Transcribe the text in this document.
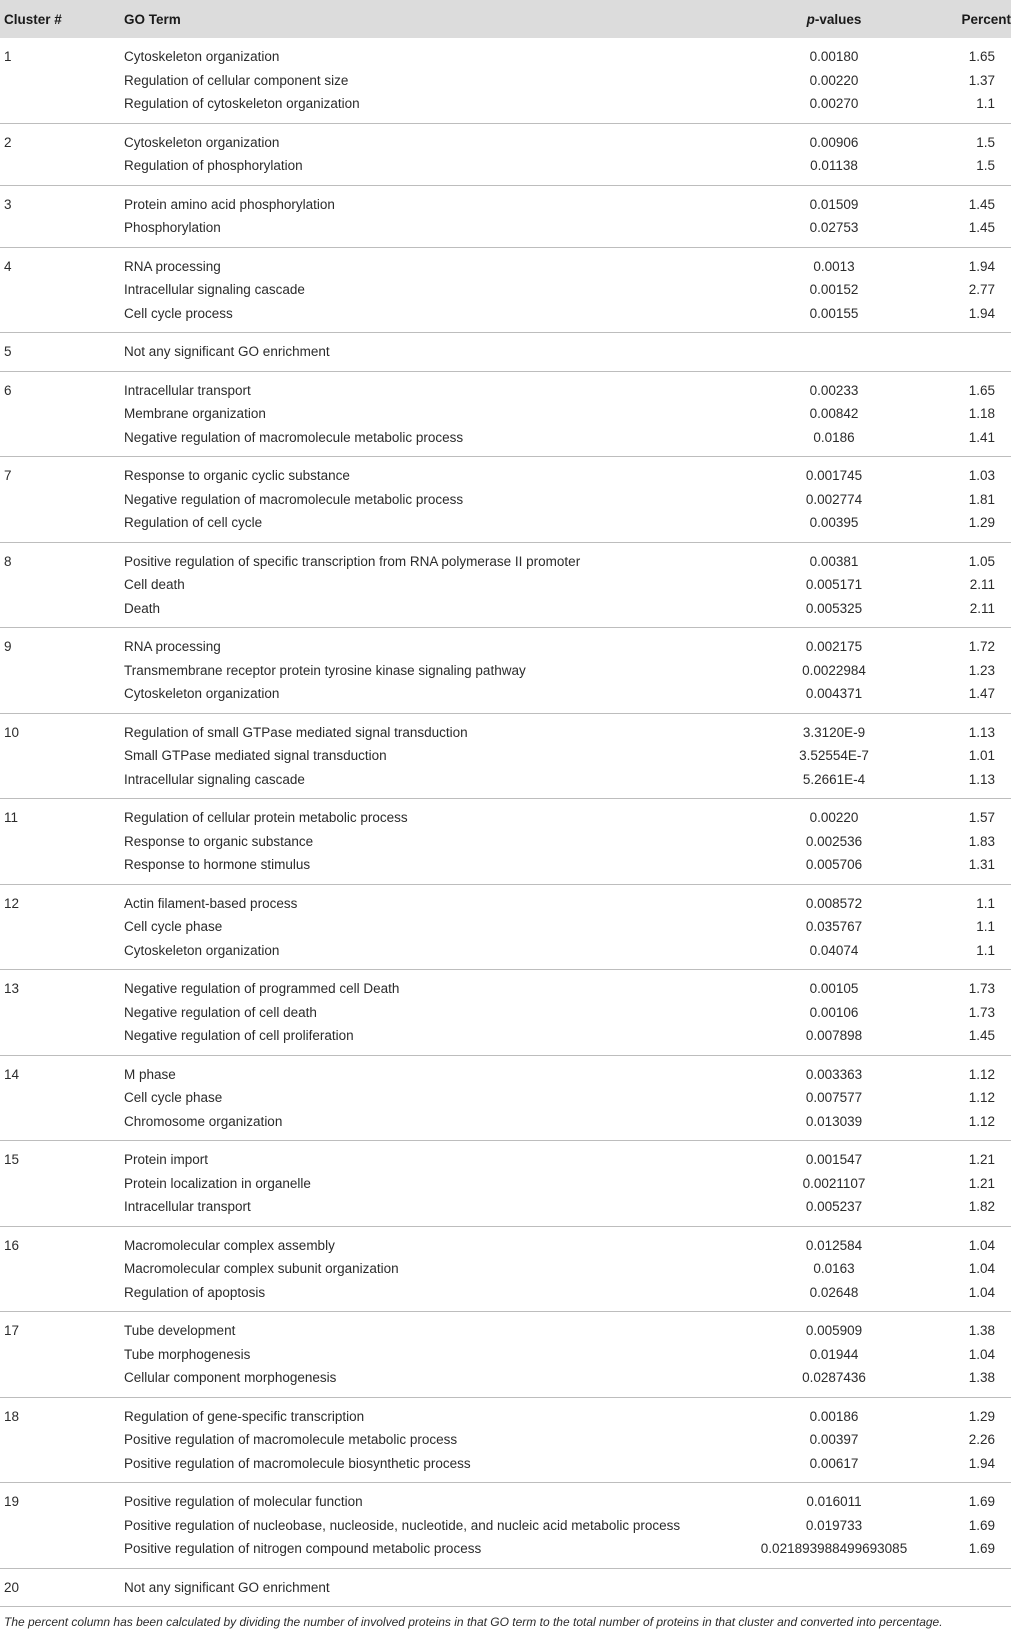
Cluster #	GO Term	p-values	Percent
1	Cytoskeleton organization	0.00180	1.65
	Regulation of cellular component size	0.00220	1.37
	Regulation of cytoskeleton organization	0.00270	1.1
2	Cytoskeleton organization	0.00906	1.5
	Regulation of phosphorylation	0.01138	1.5
3	Protein amino acid phosphorylation	0.01509	1.45
	Phosphorylation	0.02753	1.45
4	RNA processing	0.0013	1.94
	Intracellular signaling cascade	0.00152	2.77
	Cell cycle process	0.00155	1.94
5	Not any significant GO enrichment		
6	Intracellular transport	0.00233	1.65
	Membrane organization	0.00842	1.18
	Negative regulation of macromolecule metabolic process	0.0186	1.41
7	Response to organic cyclic substance	0.001745	1.03
	Negative regulation of macromolecule metabolic process	0.002774	1.81
	Regulation of cell cycle	0.00395	1.29
8	Positive regulation of specific transcription from RNA polymerase II promoter	0.00381	1.05
	Cell death	0.005171	2.11
	Death	0.005325	2.11
9	RNA processing	0.002175	1.72
	Transmembrane receptor protein tyrosine kinase signaling pathway	0.0022984	1.23
	Cytoskeleton organization	0.004371	1.47
10	Regulation of small GTPase mediated signal transduction	3.3120E-9	1.13
	Small GTPase mediated signal transduction	3.52554E-7	1.01
	Intracellular signaling cascade	5.2661E-4	1.13
11	Regulation of cellular protein metabolic process	0.00220	1.57
	Response to organic substance	0.002536	1.83
	Response to hormone stimulus	0.005706	1.31
12	Actin filament-based process	0.008572	1.1
	Cell cycle phase	0.035767	1.1
	Cytoskeleton organization	0.04074	1.1
13	Negative regulation of programmed cell Death	0.00105	1.73
	Negative regulation of cell death	0.00106	1.73
	Negative regulation of cell proliferation	0.007898	1.45
14	M phase	0.003363	1.12
	Cell cycle phase	0.007577	1.12
	Chromosome organization	0.013039	1.12
15	Protein import	0.001547	1.21
	Protein localization in organelle	0.0021107	1.21
	Intracellular transport	0.005237	1.82
16	Macromolecular complex assembly	0.012584	1.04
	Macromolecular complex subunit organization	0.0163	1.04
	Regulation of apoptosis	0.02648	1.04
17	Tube development	0.005909	1.38
	Tube morphogenesis	0.01944	1.04
	Cellular component morphogenesis	0.0287436	1.38
18	Regulation of gene-specific transcription	0.00186	1.29
	Positive regulation of macromolecule metabolic process	0.00397	2.26
	Positive regulation of macromolecule biosynthetic process	0.00617	1.94
19	Positive regulation of molecular function	0.016011	1.69
	Positive regulation of nucleobase, nucleoside, nucleotide, and nucleic acid metabolic process	0.019733	1.69
	Positive regulation of nitrogen compound metabolic process	0.021893988499693085	1.69
20	Not any significant GO enrichment		
The percent column has been calculated by dividing the number of involved proteins in that GO term to the total number of proteins in that cluster and converted into percentage.
